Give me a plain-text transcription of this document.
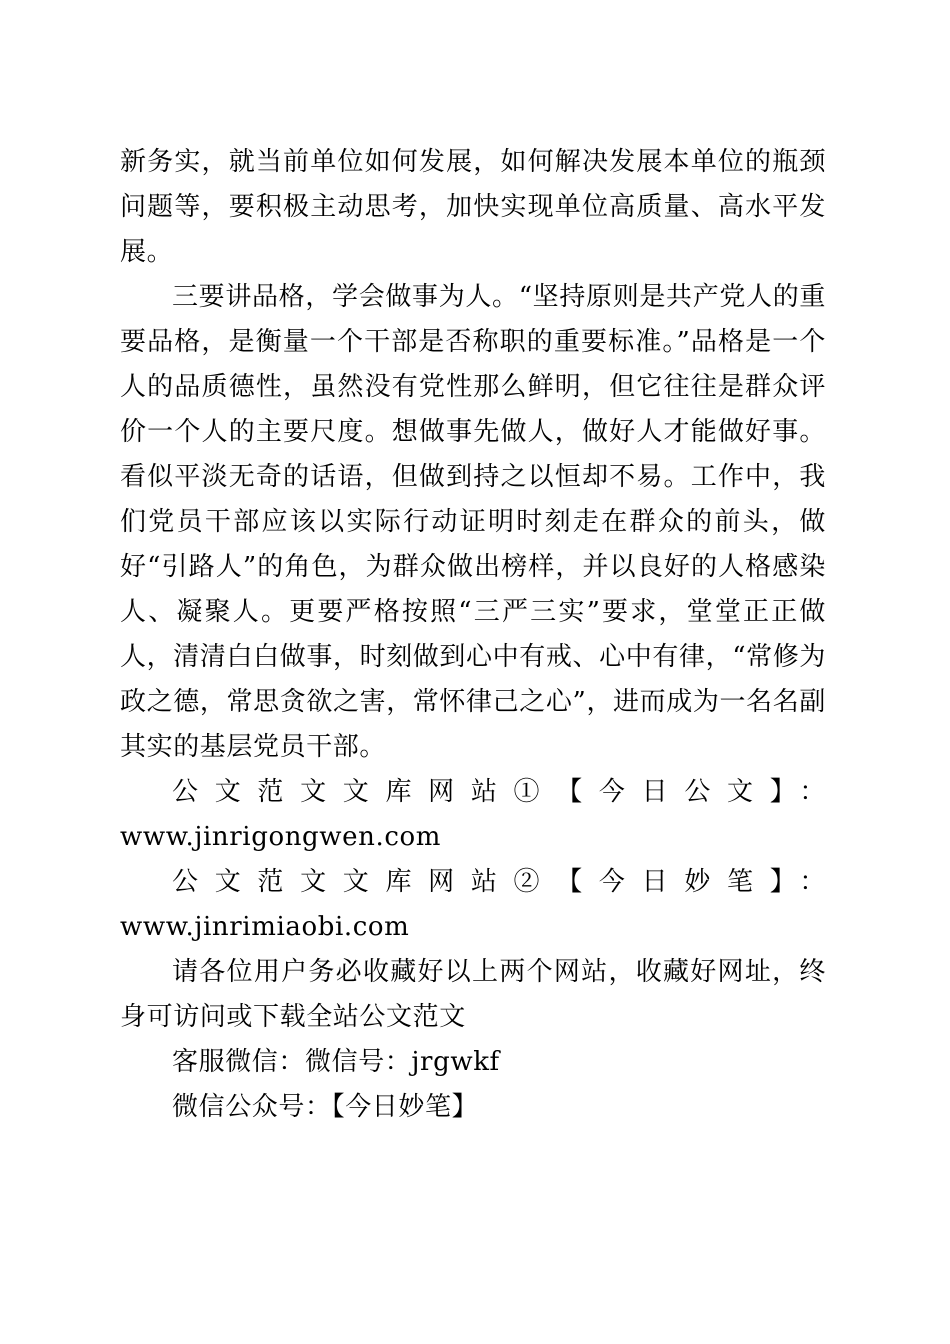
新务实，就当前单位如何发展，如何解决发展本单位的瓶颈问题等，要积极主动思考，加快实现单位高质量、高水平发展。

三要讲品格，学会做事为人。“坚持原则是共产党人的重要品格，是衡量一个干部是否称职的重要标准。”品格是一个人的品质德性，虽然没有党性那么鲜明，但它往往是群众评价一个人的主要尺度。想做事先做人，做好人才能做好事。看似平淡无奇的话语，但做到持之以恒却不易。工作中，我们党员干部应该以实际行动证明时刻走在群众的前头，做好“引路人”的角色，为群众做出榜样，并以良好的人格感染人、凝聚人。更要严格按照“三严三实”要求，堂堂正正做人，清清白白做事，时刻做到心中有戒、心中有律，“常修为政之德，常思贪欲之害，常怀律己之心”，进而成为一名名副其实的基层党员干部。

公文范文文库网站①【今日公文】：

www.jinrigongwen.com

公文范文文库网站②【今日妙笔】：www.jinrimiaobi.com

请各位用户务必收藏好以上两个网站，收藏好网址，终身可访问或下载全站公文范文

客服微信：微信号：jrgwkf

微信公众号：【今日妙笔】
